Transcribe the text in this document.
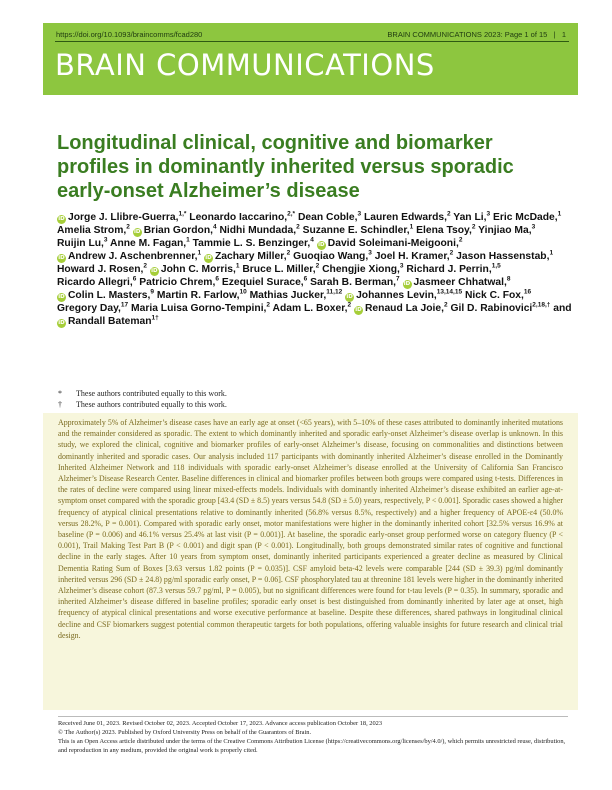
https://doi.org/10.1093/braincomms/fcad280	BRAIN COMMUNICATIONS 2023: Page 1 of 15 | 1
BRAIN COMMUNICATIONS
Longitudinal clinical, cognitive and biomarker profiles in dominantly inherited versus sporadic early-onset Alzheimer’s disease
iD Jorge J. Llibre-Guerra,$^{1,*}$ Leonardo Iaccarino,$^{2,*}$ Dean Coble,$^3$ Lauren Edwards,$^2$ Yan Li,$^3$ Eric McDade,$^1$ Amelia Strom,$^2$ iD Brian Gordon,$^4$ Nidhi Mundada,$^2$ Suzanne E. Schindler,$^1$ Elena Tsoy,$^2$ Yinjiao Ma,$^3$ Ruijin Lu,$^3$ Anne M. Fagan,$^1$ Tammie L. S. Benzinger,$^4$ iD David Soleimani-Meigooni,$^2$ iD Andrew J. Aschenbrenner,$^1$ iD Zachary Miller,$^2$ Guoqiao Wang,$^3$ Joel H. Kramer,$^2$ Jason Hassenstab,$^1$ Howard J. Rosen,$^2$ iD John C. Morris,$^1$ Bruce L. Miller,$^2$ Chengjie Xiong,$^3$ Richard J. Perrin,$^{1,5}$ Ricardo Allegri,$^6$ Patricio Chrem,$^6$ Ezequiel Surace,$^6$ Sarah B. Berman,$^7$ iD Jasmeer Chhatwal,$^8$ iD Colin L. Masters,$^9$ Martin R. Farlow,$^{10}$ Mathias Jucker,$^{11,12}$ iD Johannes Levin,$^{13,14,15}$ Nick C. Fox,$^{16}$ Gregory Day,$^{17}$ Maria Luisa Gorno-Tempini,$^2$ Adam L. Boxer,$^2$ iD Renaud La Joie,$^2$ Gil D. Rabinovici$^{2,18,\dagger}$ and iD Randall Bateman$^{1\dagger}$
*	These authors contributed equally to this work.
†	These authors contributed equally to this work.
Approximately 5% of Alzheimer’s disease cases have an early age at onset (<65 years), with 5–10% of these cases attributed to dominantly inherited mutations and the remainder considered as sporadic. The extent to which dominantly inherited and sporadic early-onset Alzheimer’s disease overlap is unknown. In this study, we explored the clinical, cognitive and biomarker profiles of early-onset Alzheimer’s disease, focusing on commonalities and distinctions between dominantly inherited and sporadic cases. Our analysis included 117 participants with dominantly inherited Alzheimer’s disease enrolled in the Dominantly Inherited Alzheimer Network and 118 individuals with sporadic early-onset Alzheimer’s disease enrolled at the University of California San Francisco Alzheimer’s Disease Research Center. Baseline differences in clinical and biomarker profiles between both groups were compared using t-tests. Differences in the rates of decline were compared using linear mixed-effects models. Individuals with dominantly inherited Alzheimer’s disease exhibited an earlier age-at-symptom onset compared with the sporadic group [43.4 (SD ± 8.5) years versus 54.8 (SD ± 5.0) years, respectively, P < 0.001]. Sporadic cases showed a higher frequency of atypical clinical presentations relative to dominantly inherited (56.8% versus 8.5%, respectively) and a higher frequency of APOE-ε4 (50.0% versus 28.2%, P = 0.001). Compared with sporadic early onset, motor manifestations were higher in the dominantly inherited cohort [32.5% versus 16.9% at baseline (P = 0.006) and 46.1% versus 25.4% at last visit (P = 0.001)]. At baseline, the sporadic early-onset group performed worse on category fluency (P < 0.001), Trail Making Test Part B (P < 0.001) and digit span (P < 0.001). Longitudinally, both groups demonstrated similar rates of cognitive and functional decline in the early stages. After 10 years from symptom onset, dominantly inherited participants experienced a greater decline as measured by Clinical Dementia Rating Sum of Boxes [3.63 versus 1.82 points (P = 0.035)]. CSF amyloid beta-42 levels were comparable [244 (SD ± 39.3) pg/ml dominantly inherited versus 296 (SD ± 24.8) pg/ml sporadic early onset, P = 0.06]. CSF phosphorylated tau at threonine 181 levels were higher in the dominantly inherited Alzheimer’s disease cohort (87.3 versus 59.7 pg/ml, P = 0.005), but no significant differences were found for t-tau levels (P = 0.35). In summary, sporadic and inherited Alzheimer’s disease differed in baseline profiles; sporadic early onset is best distinguished from dominantly inherited by later age at onset, high frequency of atypical clinical presentations and worse executive performance at baseline. Despite these differences, shared pathways in longitudinal clinical decline and CSF biomarkers suggest potential common therapeutic targets for both populations, offering valuable insights for future research and clinical trial design.
Received June 01, 2023. Revised October 02, 2023. Accepted October 17, 2023. Advance access publication October 18, 2023
© The Author(s) 2023. Published by Oxford University Press on behalf of the Guarantors of Brain.
This is an Open Access article distributed under the terms of the Creative Commons Attribution License (https://creativecommons.org/licenses/by/4.0/), which permits unrestricted reuse, distribution, and reproduction in any medium, provided the original work is properly cited.
